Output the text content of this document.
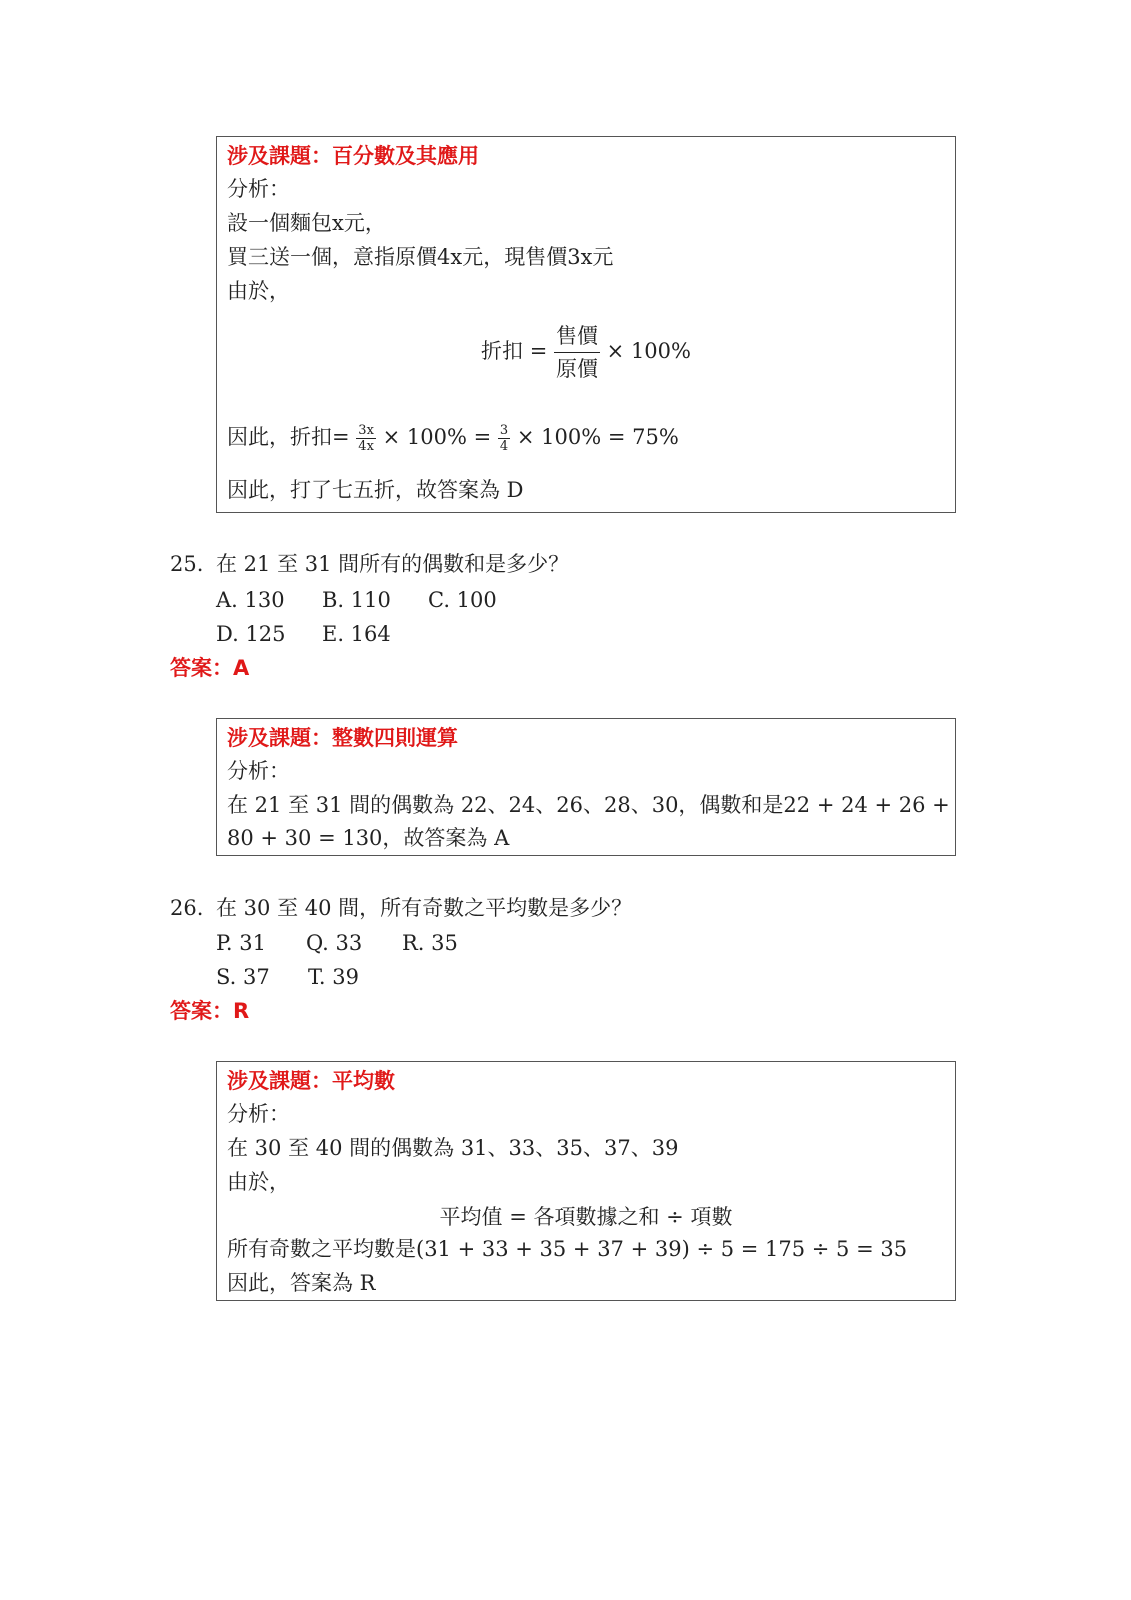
涉及課題：百分數及其應用
分析：
設一個麵包x元，
買三送一個，意指原價4x元，現售價3x元
由於，
折扣 = $\frac{\text{售價}}{\text{原價}} \times 100\%$
因此，折扣= $\frac{3x}{4x} \times 100\% = \frac{3}{4} \times 100\% = 75\%$
因此，打了七五折，故答案為 D
25. 在 21 至 31 間所有的偶數和是多少？
A. 130 B. 110 C. 100
D. 125 E. 164
答案：A
涉及課題：整數四則運算
分析：
在 21 至 31 間的偶數為 22、24、26、28、30，偶數和是22 + 24 + 26 +
80 + 30 = 130，故答案為 A
26. 在 30 至 40 間，所有奇數之平均數是多少？
P. 31 Q. 33 R. 35
S. 37 T. 39
答案：R
涉及課題：平均數
分析：
在 30 至 40 間的偶數為 31、33、35、37、39
由於，
平均值 = 各項數據之和 ÷ 項數
所有奇數之平均數是(31 + 33 + 35 + 37 + 39) ÷ 5 = 175 ÷ 5 = 35
因此，答案為 R
